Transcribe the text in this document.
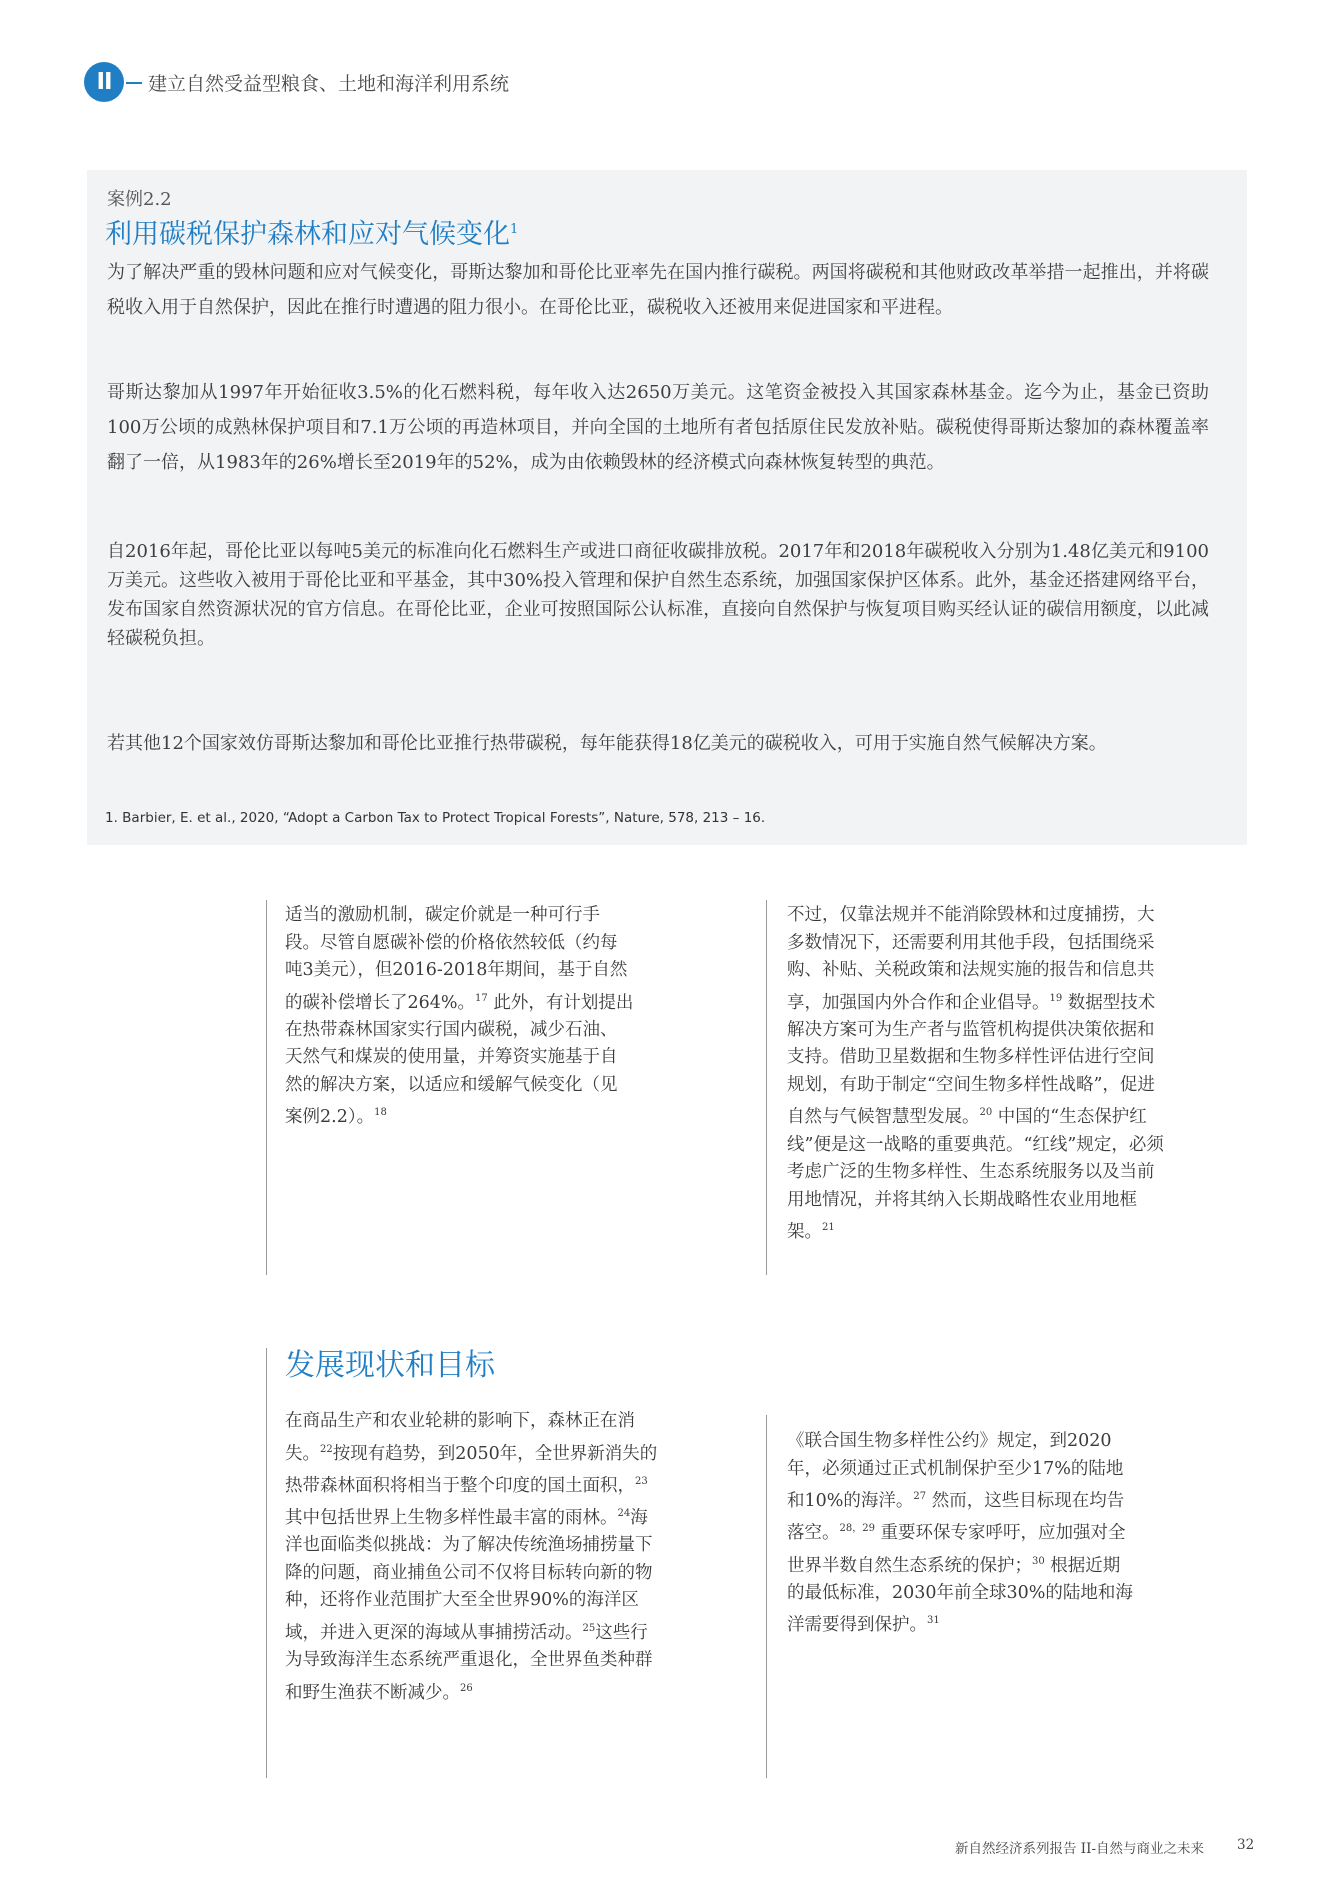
II	建立自然受益型粮食、土地和海洋利用系统
案例2.2
利用碳税保护森林和应对气候变化$^1$

为了解决严重的毁林问题和应对气候变化，哥斯达黎加和哥伦比亚率先在国内推行碳税。两国将碳税和其他财政改革举措一起推出，并将碳税收入用于自然保护，因此在推行时遭遇的阻力很小。在哥伦比亚，碳税收入还被用来促进国家和平进程。

哥斯达黎加从1997年开始征收3.5%的化石燃料税，每年收入达2650万美元。这笔资金被投入其国家森林基金。迄今为止，基金已资助100万公顷的成熟林保护项目和7.1万公顷的再造林项目，并向全国的土地所有者包括原住民发放补贴。碳税使得哥斯达黎加的森林覆盖率翻了一倍，从1983年的26%增长至2019年的52%，成为由依赖毁林的经济模式向森林恢复转型的典范。

自2016年起，哥伦比亚以每吨5美元的标准向化石燃料生产或进口商征收碳排放税。2017年和2018年碳税收入分别为1.48亿美元和9100万美元。这些收入被用于哥伦比亚和平基金，其中30%投入管理和保护自然生态系统，加强国家保护区体系。此外，基金还搭建网络平台，发布国家自然资源状况的官方信息。在哥伦比亚，企业可按照国际公认标准，直接向自然保护与恢复项目购买经认证的碳信用额度，以此减轻碳税负担。

若其他12个国家效仿哥斯达黎加和哥伦比亚推行热带碳税，每年能获得18亿美元的碳税收入，可用于实施自然气候解决方案。

1. Barbier, E. et al., 2020, “Adopt a Carbon Tax to Protect Tropical Forests”, Nature, 578, 213 – 16.
适当的激励机制，碳定价就是一种可行手
段。尽管自愿碳补偿的价格依然较低（约每
吨3美元），但2016-2018年期间，基于自然
的碳补偿增长了264%。$^{17}$ 此外，有计划提出
在热带森林国家实行国内碳税，减少石油、
天然气和煤炭的使用量，并筹资实施基于自
然的解决方案，以适应和缓解气候变化（见
案例2.2）。$^{18}$
不过，仅靠法规并不能消除毁林和过度捕捞，大
多数情况下，还需要利用其他手段，包括围绕采
购、补贴、关税政策和法规实施的报告和信息共
享，加强国内外合作和企业倡导。$^{19}$ 数据型技术
解决方案可为生产者与监管机构提供决策依据和
支持。借助卫星数据和生物多样性评估进行空间
规划，有助于制定“空间生物多样性战略”，促进
自然与气候智慧型发展。$^{20}$ 中国的“生态保护红
线”便是这一战略的重要典范。“红线”规定，必须
考虑广泛的生物多样性、生态系统服务以及当前
用地情况，并将其纳入长期战略性农业用地框
架。$^{21}$
发展现状和目标
在商品生产和农业轮耕的影响下，森林正在消
失。$^{22}$按现有趋势，到2050年，全世界新消失的
热带森林面积将相当于整个印度的国土面积，$^{23}$
其中包括世界上生物多样性最丰富的雨林。$^{24}$海
洋也面临类似挑战：为了解决传统渔场捕捞量下
降的问题，商业捕鱼公司不仅将目标转向新的物
种，还将作业范围扩大至全世界90%的海洋区
域，并进入更深的海域从事捕捞活动。$^{25}$这些行
为导致海洋生态系统严重退化，全世界鱼类种群
和野生渔获不断减少。$^{26}$
《联合国生物多样性公约》规定，到2020
年，必须通过正式机制保护至少17%的陆地
和10%的海洋。$^{27}$ 然而，这些目标现在均告
落空。$^{28,29}$ 重要环保专家呼吁，应加强对全
世界半数自然生态系统的保护；$^{30}$ 根据近期
的最低标准，2030年前全球30%的陆地和海
洋需要得到保护。$^{31}$
新自然经济系列报告 II-自然与商业之未来 32
